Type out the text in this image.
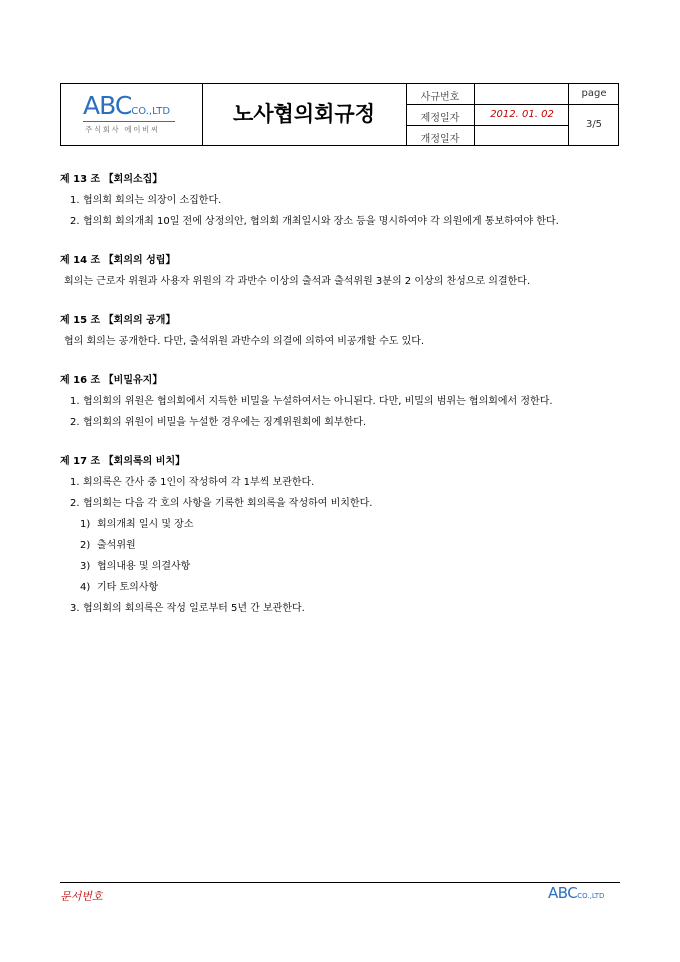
ABCCO.,LTD
주식회사 에이비씨
노사협의회규정
사규번호
제정일자
개정일자
2012. 01. 02
page
3/5

제 13 조 【회의소집】

1. 협의회 회의는 의장이 소집한다.
2. 협의회 회의개최 10일 전에 상정의안, 협의회 개최일시와 장소 등을 명시하여야 각 의원에게 통보하여야 한다.

제 14 조 【회의의 성립】

회의는 근로자 위원과 사용자 위원의 각 과반수 이상의 출석과 출석위원 3분의 2 이상의 찬성으로 의결한다.

제 15 조 【회의의 공개】

협의 회의는 공개한다. 다만, 출석위원 과반수의 의결에 의하여 비공개할 수도 있다.

제 16 조 【비밀유지】

1. 협의회의 위원은 협의회에서 지득한 비밀을 누설하여서는 아니된다. 다만, 비밀의 범위는 협의회에서 정한다.
2. 협의회의 위원이 비밀을 누설한 경우에는 징계위원회에 회부한다.

제 17 조 【회의록의 비치】

1. 회의록은 간사 중 1인이 작성하여 각 1부씩 보관한다.
2. 협의회는 다음 각 호의 사항을 기록한 회의록을 작성하여 비치한다.
1) 회의개최 일시 및 장소
2) 출석위원
3) 협의내용 및 의결사항
4) 기타 토의사항
3. 협의회의 회의록은 작성 일로부터 5년 간 보관한다.
문서번호	ABCCO.,LTD
